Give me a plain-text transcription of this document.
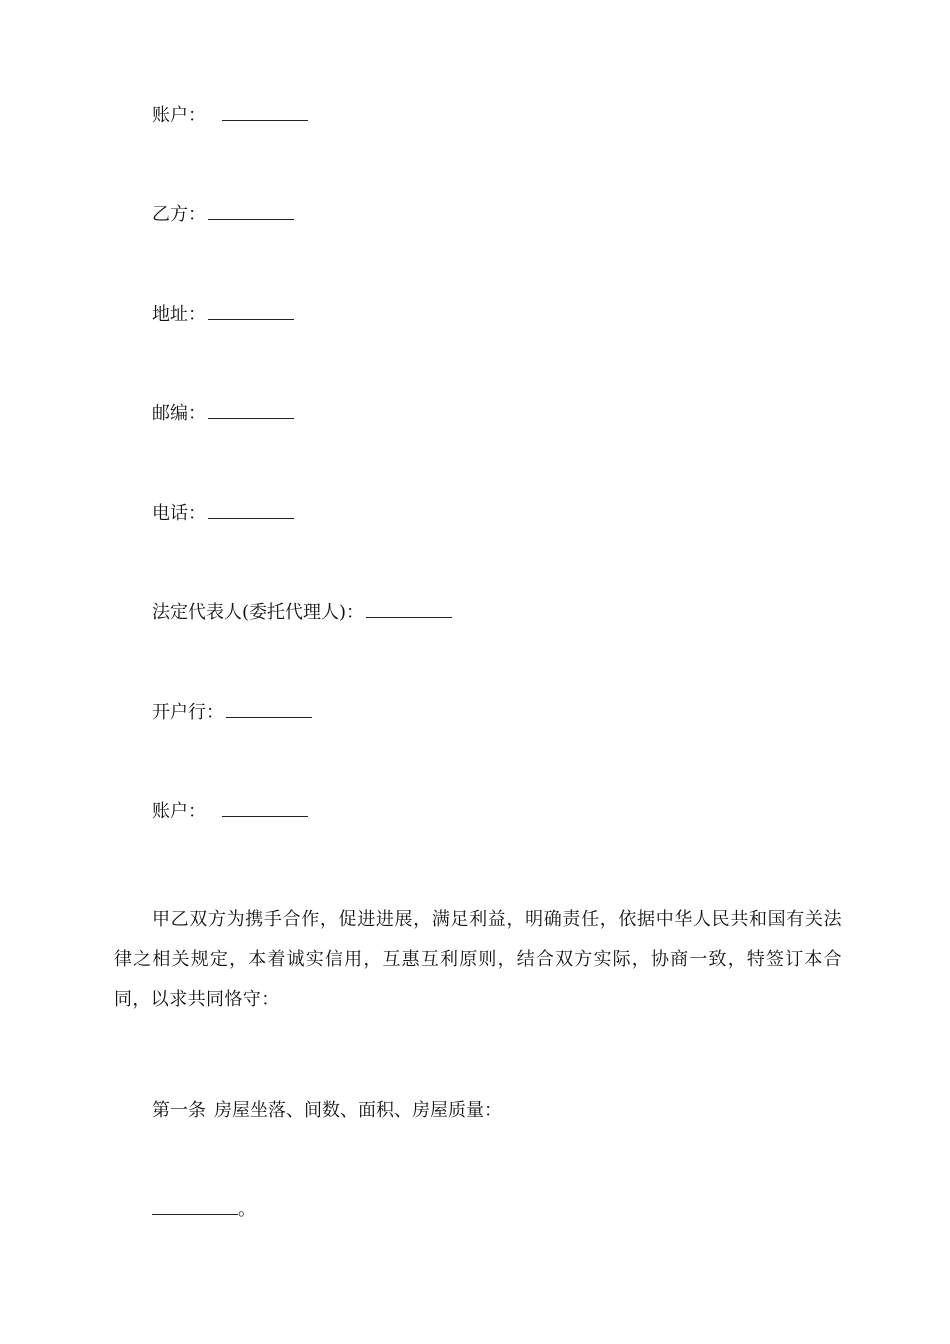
账户：
乙方：
地址：
邮编：
电话：
法定代表人(委托代理人)：
开户行：
账户：

甲乙双方为携手合作，促进进展，满足利益，明确责任，依据中华人民共和国有关法律之相关规定，本着诚实信用，互惠互利原则，结合双方实际，协商一致，特签订本合同，以求共同恪守：

第一条 房屋坐落、间数、面积、房屋质量：
。
